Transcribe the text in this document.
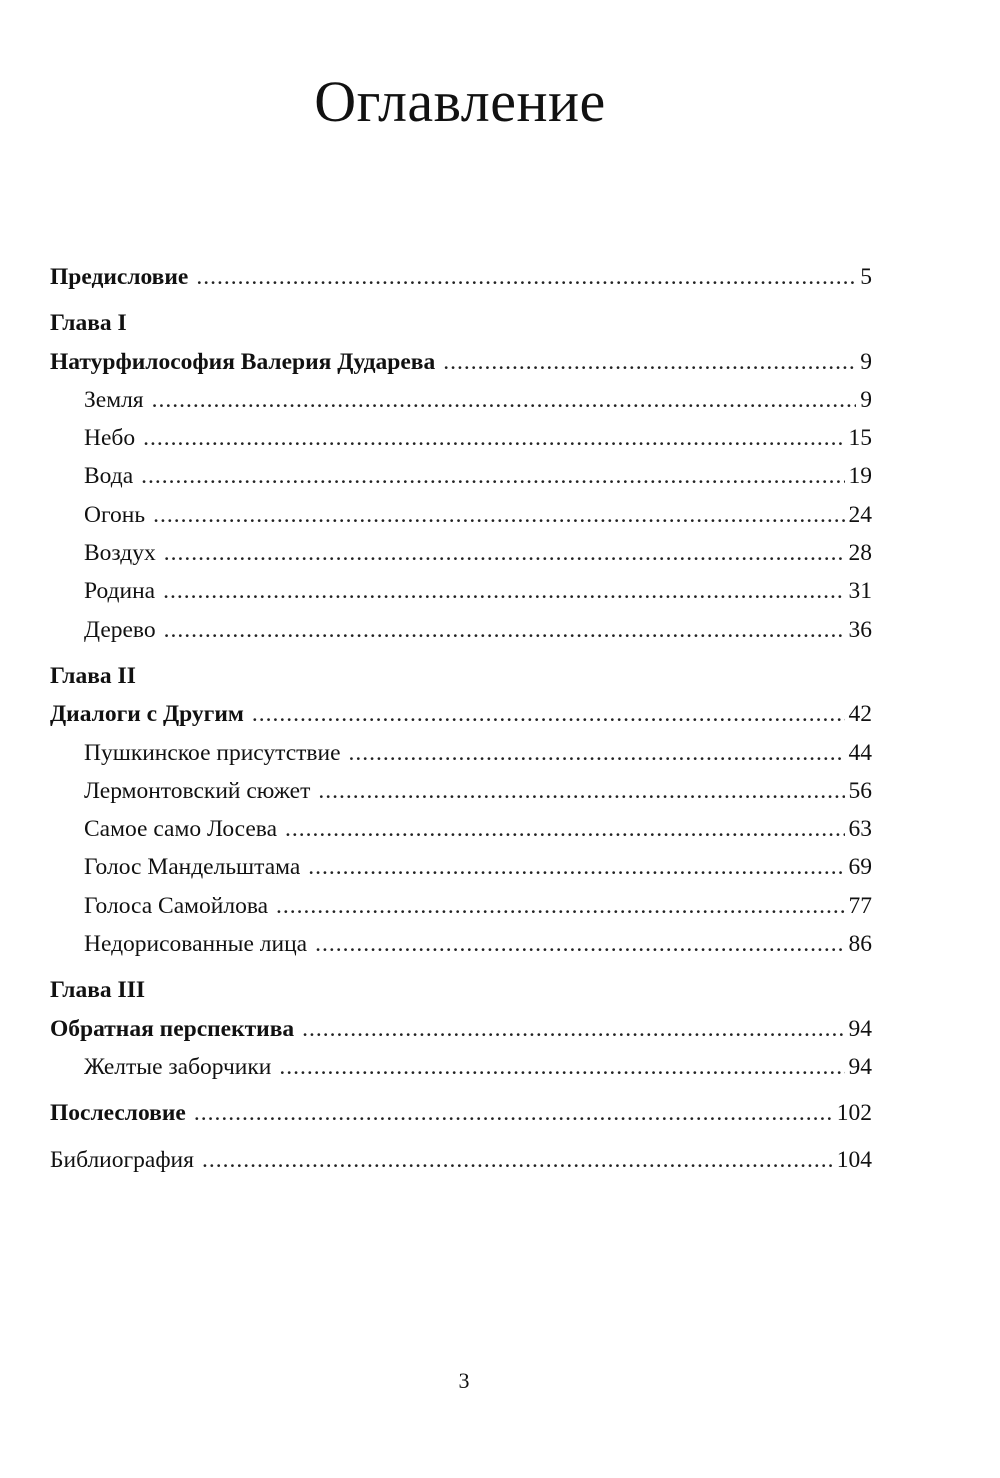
Оглавление
Предисловие .....	5
Глава I
Натурфилософия Валерия Дударева .....	9
Земля .....	9
Небо .....	15
Вода .....	19
Огонь .....	24
Воздух .....	28
Родина .....	31
Дерево .....	36
Глава II
Диалоги с Другим .....	42
Пушкинское присутствие .....	44
Лермонтовский сюжет .....	56
Самое само Лосева .....	63
Голос Мандельштама .....	69
Голоса Самойлова .....	77
Недорисованные лица .....	86
Глава III
Обратная перспектива .....	94
Желтые заборчики .....	94
Послесловие .....	102
Библиография .....	104
3
